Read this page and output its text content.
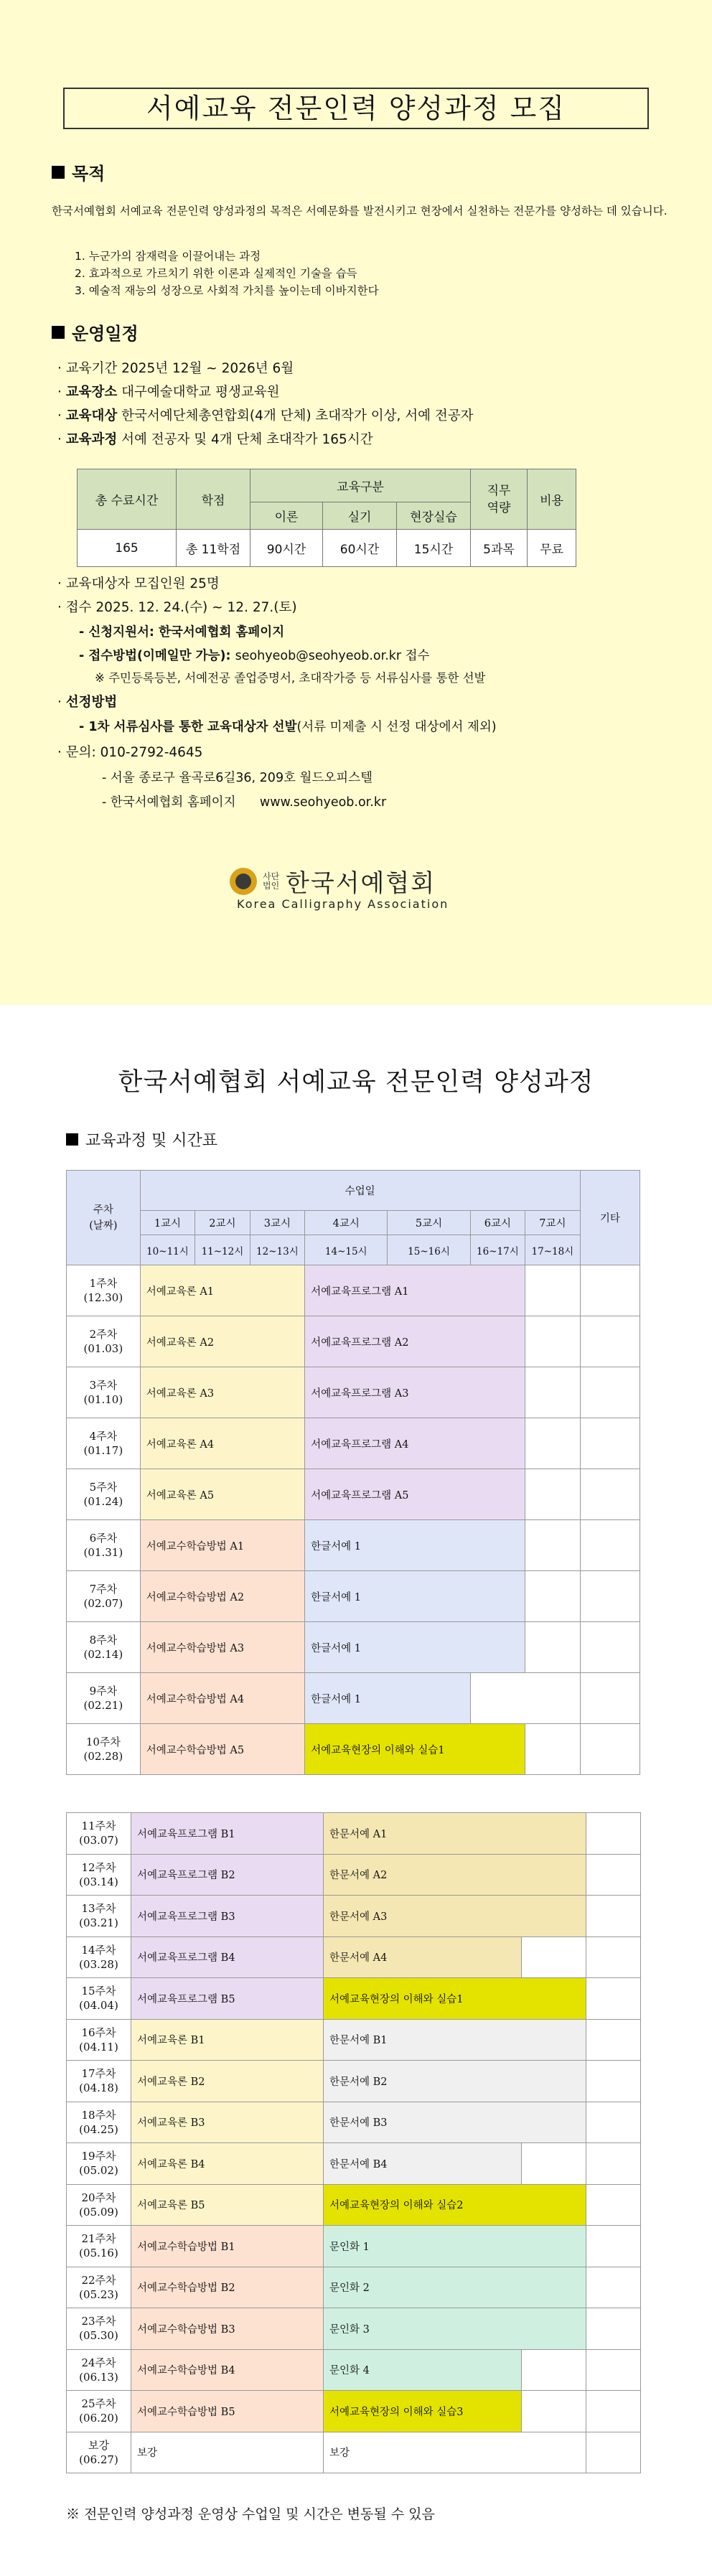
서예교육 전문인력 양성과정 모집
목적
한국서예협회 서예교육 전문인력 양성과정의 목적은 서예문화를 발전시키고 현장에서 실천하는 전문가를 양성하는 데 있습니다.
1. 누군가의 잠재력을 이끌어내는 과정
2. 효과적으로 가르치기 위한 이론과 실제적인 기술을 습득
3. 예술적 재능의 성장으로 사회적 가치를 높이는데 이바지한다
운영일정
· 교육기간 2025년 12월 ~ 2026년 6월
· 교육장소 대구예술대학교 평생교육원
· 교육대상 한국서예단체총연합회(4개 단체) 초대작가 이상, 서예 전공자
· 교육과정 서예 전공자 및 4개 단체 초대작가 165시간
총 수료시간	학점	교육구분			직무역량	비용
		이론	실기	현장실습		
165	총 11학점	90시간	60시간	15시간	5과목	무료
· 교육대상자 모집인원 25명
· 접수 2025. 12. 24.(수) ~ 12. 27.(토)
- 신청지원서: 한국서예협회 홈페이지
- 접수방법(이메일만 가능): seohyeob@seohyeob.or.kr 접수
※ 주민등록등본, 서예전공 졸업증명서, 초대작가증 등 서류심사를 통한 선발
· 선정방법
- 1차 서류심사를 통한 교육대상자 선발(서류 미제출 시 선정 대상에서 제외)
· 문의: 010-2792-4645
- 서울 종로구 율곡로6길36, 209호 월드오피스텔
- 한국서예협회 홈페이지 www.seohyeob.or.kr
사단법인 한국서예협회
Korea Calligraphy Association
한국서예협회 서예교육 전문인력 양성과정
교육과정 및 시간표
주차
(날짜)	수업일							기타
	1교시	2교시	3교시	4교시	5교시	6교시	7교시	
	10~11시	11~12시	12~13시	14~15시	15~16시	16~17시	17~18시	

1주차
(12.30)	서예교육론 A1			서예교육프로그램 A1				

2주차
(01.03)	서예교육론 A2			서예교육프로그램 A2				

3주차
(01.10)	서예교육론 A3			서예교육프로그램 A3				

4주차
(01.17)	서예교육론 A4			서예교육프로그램 A4				

5주차
(01.24)	서예교육론 A5			서예교육프로그램 A5				

6주차
(01.31)	서예교수학습방법 A1			한글서예 1				

7주차
(02.07)	서예교수학습방법 A2			한글서예 1				

8주차
(02.14)	서예교수학습방법 A3			한글서예 1				

9주차
(02.21)	서예교수학습방법 A4			한글서예 1				

10주차
(02.28)	서예교수학습방법 A5			서예교육현장의 이해와 실습1				
11주차
(03.07)	서예교육프로그램 B1	한문서예 A1		

12주차
(03.14)	서예교육프로그램 B2	한문서예 A2		

13주차
(03.21)	서예교육프로그램 B3	한문서예 A3		

14주차
(03.28)	서예교육프로그램 B4	한문서예 A4		

15주차
(04.04)	서예교육프로그램 B5	서예교육현장의 이해와 실습1		

16주차
(04.11)	서예교육론 B1	한문서예 B1		

17주차
(04.18)	서예교육론 B2	한문서예 B2		

18주차
(04.25)	서예교육론 B3	한문서예 B3		

19주차
(05.02)	서예교육론 B4	한문서예 B4		

20주차
(05.09)	서예교육론 B5	서예교육현장의 이해와 실습2		

21주차
(05.16)	서예교수학습방법 B1	문인화 1		

22주차
(05.23)	서예교수학습방법 B2	문인화 2		

23주차
(05.30)	서예교수학습방법 B3	문인화 3		

24주차
(06.13)	서예교수학습방법 B4	문인화 4		

25주차
(06.20)	서예교수학습방법 B5	서예교육현장의 이해와 실습3		

보강
(06.27)	보강	보강		
※ 전문인력 양성과정 운영상 수업일 및 시간은 변동될 수 있음
